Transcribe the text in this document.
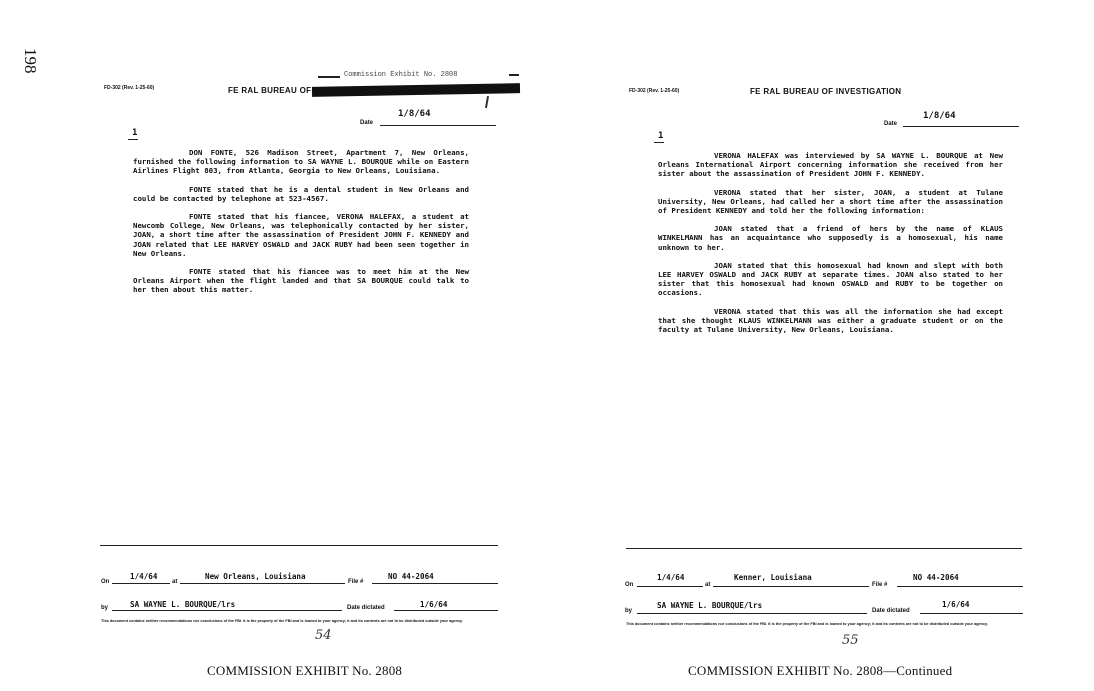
198
Commission Exhibit No. 2808
FD-302 (Rev. 1-25-60)	FE RAL BUREAU OF
1/8/64
Date
1

DON FONTE, 526 Madison Street, Apartment 7, New Orleans, furnished the following information to SA WAYNE L. BOURQUE while on Eastern Airlines Flight 803, from Atlanta, Georgia to New Orleans, Louisiana.

FONTE stated that he is a dental student in New Orleans and could be contacted by telephone at 523-4567.

FONTE stated that his fiancee, VERONA HALEFAX, a student at Newcomb College, New Orleans, was telephonically contacted by her sister, JOAN, a short time after the assassination of President JOHN F. KENNEDY and JOAN related that LEE HARVEY OSWALD and JACK RUBY had been seen together in New Orleans.

FONTE stated that his fiancee was to meet him at the New Orleans Airport when the flight landed and that SA BOURQUE could talk to her then about this matter.

On
1/4/64
at
New Orleans, Louisiana
File #
NO 44-2064
by	SA WAYNE L. BOURQUE/lrs	Date dictated	1/6/64
This document contains neither recommendations nor conclusions of the FBI. It is the property of the FBI and is loaned to your agency; it and its contents are not to be distributed outside your agency.
54
COMMISSION EXHIBIT No. 2808
FD-302 (Rev. 1-25-60)	FE RAL BUREAU OF INVESTIGATION
1/8/64
Date
1

VERONA HALEFAX was interviewed by SA WAYNE L. BOURQUE at New Orleans International Airport concerning information she received from her sister about the assassination of President JOHN F. KENNEDY.

VERONA stated that her sister, JOAN, a student at Tulane University, New Orleans, had called her a short time after the assassination of President KENNEDY and told her the following information:

JOAN stated that a friend of hers by the name of KLAUS WINKELMANN has an acquaintance who supposedly is a homosexual, his name unknown to her.

JOAN stated that this homosexual had known and slept with both LEE HARVEY OSWALD and JACK RUBY at separate times. JOAN also stated to her sister that this homosexual had known OSWALD and RUBY to be together on occasions.

VERONA stated that this was all the information she had except that she thought KLAUS WINKELMANN was either a graduate student or on the faculty at Tulane University, New Orleans, Louisiana.

On
1/4/64
at
Kenner, Louisiana
File #
NO 44-2064
by
SA WAYNE L. BOURQUE/lrs
Date dictated
1/6/64
This document contains neither recommendations nor conclusions of the FBI. It is the property of the FBI and is loaned to your agency; it and its contents are not to be distributed outside your agency.
55
COMMISSION EXHIBIT No. 2808—Continued
